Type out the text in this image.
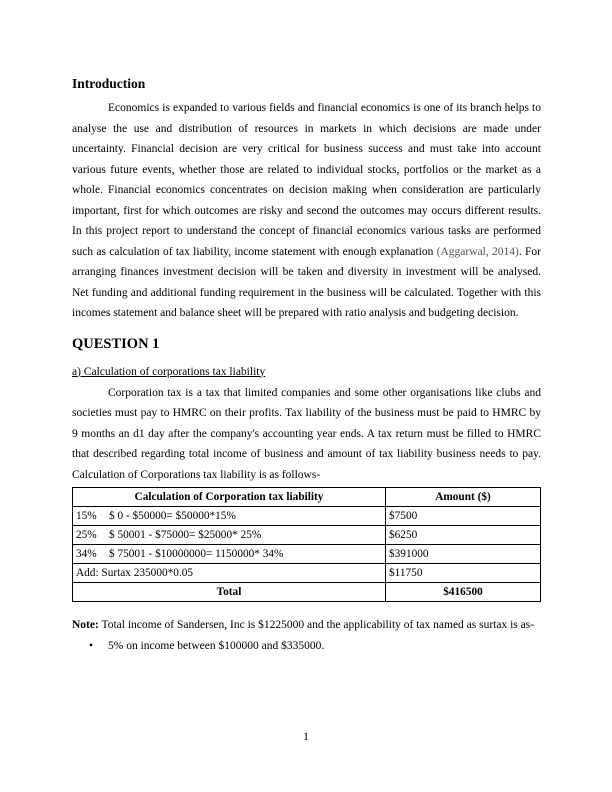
Introduction

Economics is expanded to various fields and financial economics is one of its branch helps to analyse the use and distribution of resources in markets in which decisions are made under uncertainty. Financial decision are very critical for business success and must take into account various future events, whether those are related to individual stocks, portfolios or the market as a whole. Financial economics concentrates on decision making when consideration are particularly important, first for which outcomes are risky and second the outcomes may occurs different results. In this project report to understand the concept of financial economics various tasks are performed such as calculation of tax liability, income statement with enough explanation (Aggarwal, 2014). For arranging finances investment decision will be taken and diversity in investment will be analysed. Net funding and additional funding requirement in the business will be calculated. Together with this incomes statement and balance sheet will be prepared with ratio analysis and budgeting decision.

QUESTION 1
a) Calculation of corporations tax liability

Corporation tax is a tax that limited companies and some other organisations like clubs and societies must pay to HMRC on their profits. Tax liability of the business must be paid to HMRC by 9 months an d1 day after the company's accounting year ends. A tax return must be filled to HMRC that described regarding total income of business and amount of tax liability business needs to pay. Calculation of Corporations tax liability is as follows-

Calculation of Corporation tax liability	Amount ($)
15% $ 0 - $50000= $50000*15%	$7500
25% $ 50001 - $75000= $25000* 25%	$6250
34% $ 75001 - $10000000= 1150000* 34%	$391000
Add: Surtax 235000*0.05	$11750
Total	$416500
Note: Total income of Sandersen, Inc is $1225000 and the applicability of tax named as surtax is as-
• 5% on income between $100000 and $335000.
1
